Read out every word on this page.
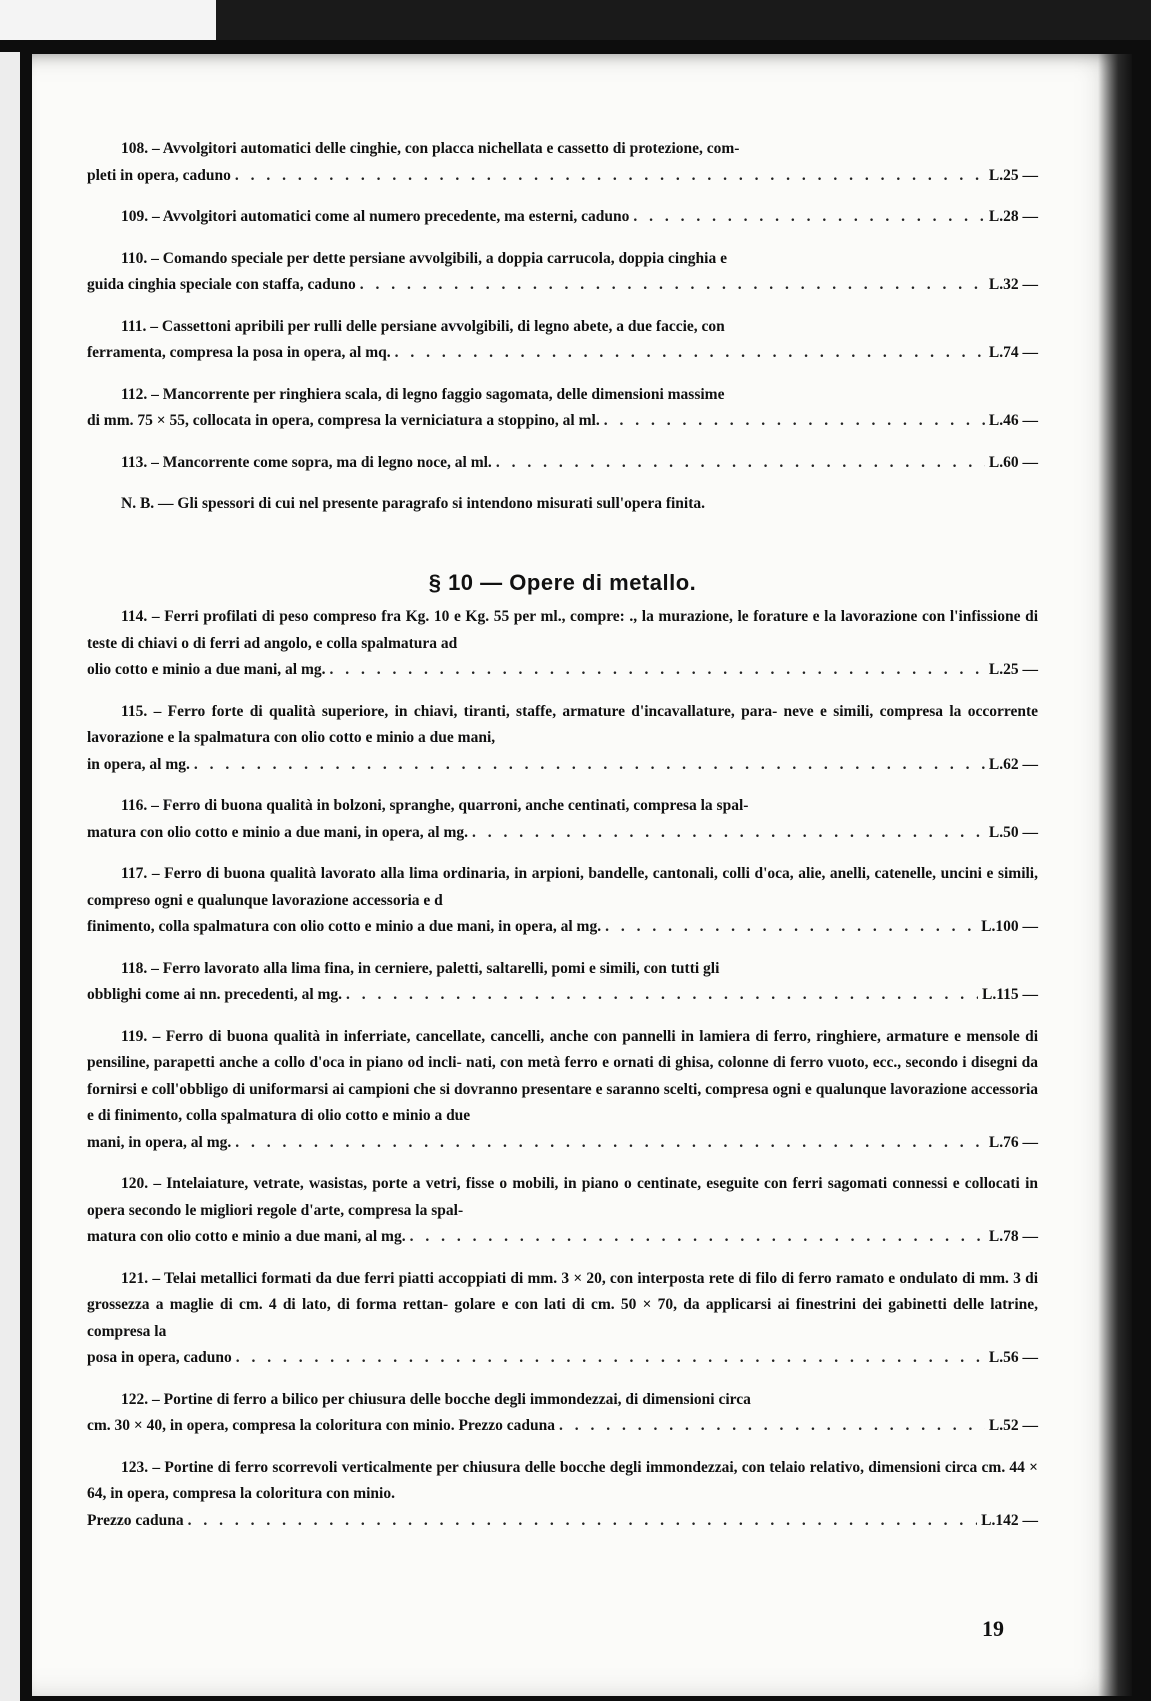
108. – Avvolgitori automatici delle cinghie, con placca nichellata e cassetto di protezione, com-

pleti in opera, caduno . . .	L. 25 —
109. – Avvolgitori automatici come al numero precedente, ma esterni, caduno . . .	L. 28 —

110. – Comando speciale per dette persiane avvolgibili, a doppia carrucola, doppia cinghia e

guida cinghia speciale con staffa, caduno . . .	L. 32 —

111. – Cassettoni apribili per rulli delle persiane avvolgibili, di legno abete, a due faccie, con

ferramenta, compresa la posa in opera, al mq. . . .	L. 74 —

112. – Mancorrente per ringhiera scala, di legno faggio sagomata, delle dimensioni massime

di mm. 75 × 55, collocata in opera, compresa la verniciatura a stoppino, al ml. . . .	L. 46 —
113. – Mancorrente come sopra, ma di legno noce, al ml. . . .	L. 60 —

N. B. — Gli spessori di cui nel presente paragrafo si intendono misurati sull'opera finita.

§ 10 — Opere di metallo.

114. – Ferri profilati di peso compreso fra Kg. 10 e Kg. 55 per ml., compre: ., la murazione, le forature e la lavorazione con l'infissione di teste di chiavi o di ferri ad angolo, e colla spalmatura ad

olio cotto e minio a due mani, al mg. . . .	L. 25 —

115. – Ferro forte di qualità superiore, in chiavi, tiranti, staffe, armature d'incavallature, para- neve e simili, compresa la occorrente lavorazione e la spalmatura con olio cotto e minio a due mani,

in opera, al mg. . . .	L. 62 —

116. – Ferro di buona qualità in bolzoni, spranghe, quarroni, anche centinati, compresa la spal-

matura con olio cotto e minio a due mani, in opera, al mg. . . .	L. 50 —

117. – Ferro di buona qualità lavorato alla lima ordinaria, in arpioni, bandelle, cantonali, colli d'oca, alie, anelli, catenelle, uncini e simili, compreso ogni e qualunque lavorazione accessoria e d

finimento, colla spalmatura con olio cotto e minio a due mani, in opera, al mg. . . .	L. 100 —

118. – Ferro lavorato alla lima fina, in cerniere, paletti, saltarelli, pomi e simili, con tutti gli

obblighi come ai nn. precedenti, al mg. . . .	L. 115 —

119. – Ferro di buona qualità in inferriate, cancellate, cancelli, anche con pannelli in lamiera di ferro, ringhiere, armature e mensole di pensiline, parapetti anche a collo d'oca in piano od incli- nati, con metà ferro e ornati di ghisa, colonne di ferro vuoto, ecc., secondo i disegni da fornirsi e coll'obbligo di uniformarsi ai campioni che si dovranno presentare e saranno scelti, compresa ogni e qualunque lavorazione accessoria e di finimento, colla spalmatura di olio cotto e minio a due

mani, in opera, al mg. . . .	L. 76 —

120. – Intelaiature, vetrate, wasistas, porte a vetri, fisse o mobili, in piano o centinate, eseguite con ferri sagomati connessi e collocati in opera secondo le migliori regole d'arte, compresa la spal-

matura con olio cotto e minio a due mani, al mg. . . .	L. 78 —

121. – Telai metallici formati da due ferri piatti accoppiati di mm. 3 × 20, con interposta rete di filo di ferro ramato e ondulato di mm. 3 di grossezza a maglie di cm. 4 di lato, di forma rettan- golare e con lati di cm. 50 × 70, da applicarsi ai finestrini dei gabinetti delle latrine, compresa la

posa in opera, caduno . . .	L. 56 —

122. – Portine di ferro a bilico per chiusura delle bocche degli immondezzai, di dimensioni circa

cm. 30 × 40, in opera, compresa la coloritura con minio. Prezzo caduna . . .	L. 52 —

123. – Portine di ferro scorrevoli verticalmente per chiusura delle bocche degli immondezzai, con telaio relativo, dimensioni circa cm. 44 × 64, in opera, compresa la coloritura con minio.

Prezzo caduna . . .	L. 142 —
19
